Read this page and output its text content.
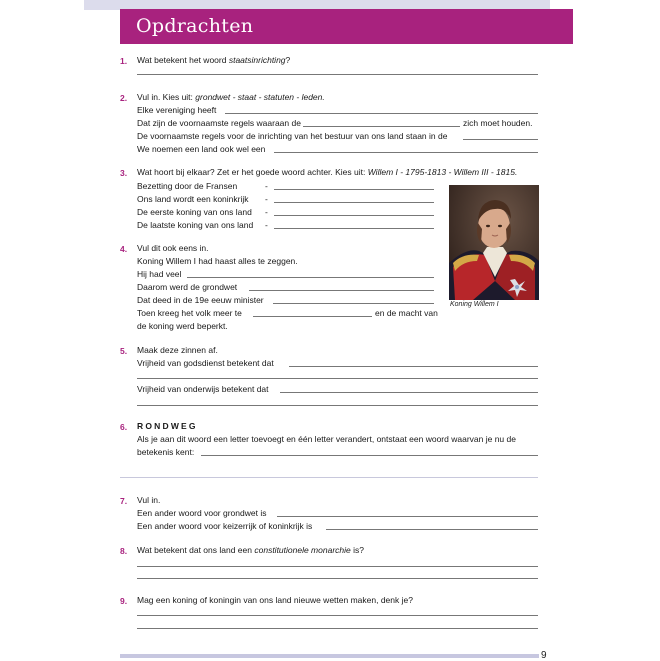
Opdrachten
1. Wat betekent het woord staatsinrichting?
2. Vul in. Kies uit: grondwet - staat - statuten - leden.
Elke vereniging heeft
Dat zijn de voornaamste regels waaraan de	zich moet houden.
De voornaamste regels voor de inrichting van het bestuur van ons land staan in de
We noemen een land ook wel een
3. Wat hoort bij elkaar? Zet er het goede woord achter. Kies uit: Willem I - 1795-1813 - Willem III - 1815.
Bezetting door de Fransen	-
Ons land wordt een koninkrijk -
De eerste koning van ons land -
De laatste koning van ons land -
Koning Willem I
4. Vul dit ook eens in.
Koning Willem I had haast alles te zeggen.
Hij had veel
Daarom werd de grondwet
Dat deed in de 19e eeuw minister
Toen kreeg het volk meer te	en de macht van
de koning werd beperkt.
5. Maak deze zinnen af.
Vrijheid van godsdienst betekent dat
Vrijheid van onderwijs betekent dat
6. RONDWEG
Als je aan dit woord een letter toevoegt en één letter verandert, ontstaat een woord waarvan je nu de
betekenis kent:
7. Vul in.
Een ander woord voor grondwet is
Een ander woord voor keizerrijk of koninkrijk is
8. Wat betekent dat ons land een constitutionele monarchie is?
9. Mag een koning of koningin van ons land nieuwe wetten maken, denk je?
9
